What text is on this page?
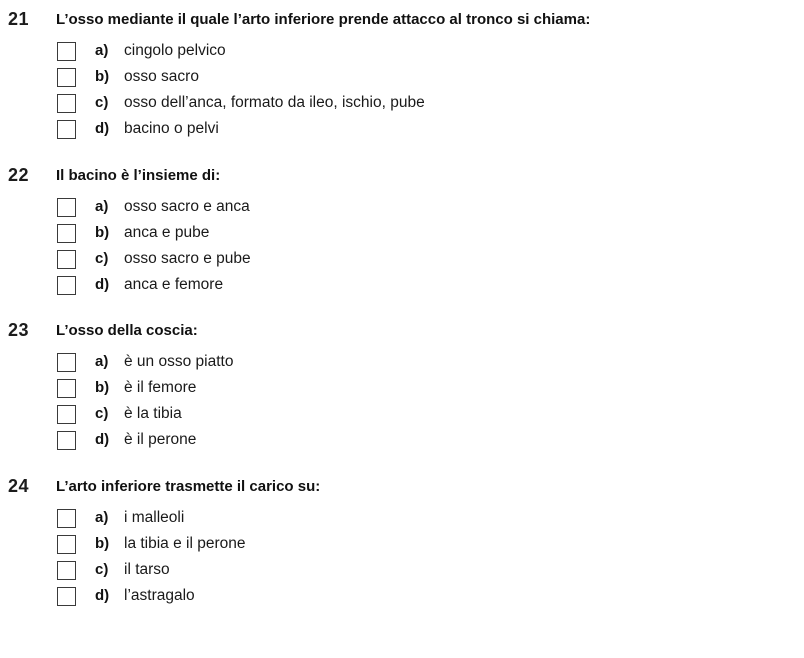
21 L’osso mediante il quale l’arto inferiore prende attacco al tronco si chiama:
a) cingolo pelvico
b) osso sacro
c) osso dell’anca, formato da ileo, ischio, pube
d) bacino o pelvi
22 Il bacino è l’insieme di:
a) osso sacro e anca
b) anca e pube
c) osso sacro e pube
d) anca e femore
23 L’osso della coscia:
a) è un osso piatto
b) è il femore
c) è la tibia
d) è il perone
24 L’arto inferiore trasmette il carico su:
a) i malleoli
b) la tibia e il perone
c) il tarso
d) l’astragalo
